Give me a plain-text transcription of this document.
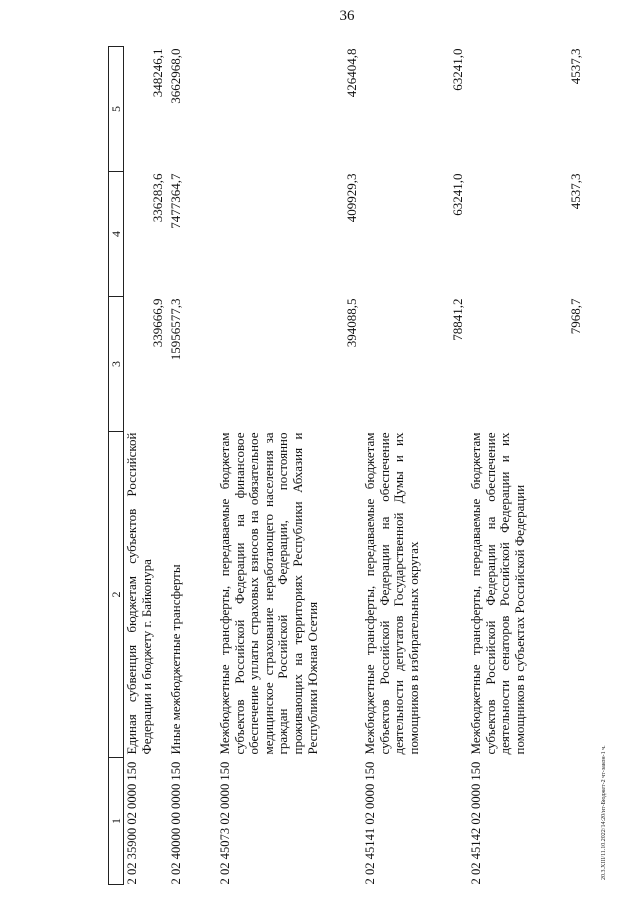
36
1	2	3	4	5
2 02 35900 02 0000 150	Единая субвенция бюджетам субъектов Российской Федерации и бюджету г. Байконура	339666,9	336283,6	348246,1
2 02 40000 00 0000 150	Иные межбюджетные трансферты	15956577,3	7477364,7	3662968,0
2 02 45073 02 0000 150	Межбюджетные трансферты, передаваемые бюджетам субъектов Российской Федерации на финансовое обеспечение уплаты страховых взносов на обязательное медицинское страхование неработающего населения за граждан Российской Федерации, постоянно проживающих на территориях Республики Абхазия и Республики Южная Осетия	394088,5	409929,3	426404,8
2 02 45141 02 0000 150	Межбюджетные трансферты, передаваемые бюджетам субъектов Российской Федерации на обеспечение деятельности депутатов Государственной Думы и их помощников в избирательных округах	78841,2	63241,0	63241,0
2 02 45142 02 0000 150	Межбюджетные трансферты, передаваемые бюджетам субъектов Российской Федерации на обеспечение деятельности сенаторов Российской Федерации и их помощников в субъектах Российской Федерации	7968,7	4537,3	4537,3
20.3.XIII/11.10.2022/14:20/ит-Бюджет-2 чт-закон-1 ч.
